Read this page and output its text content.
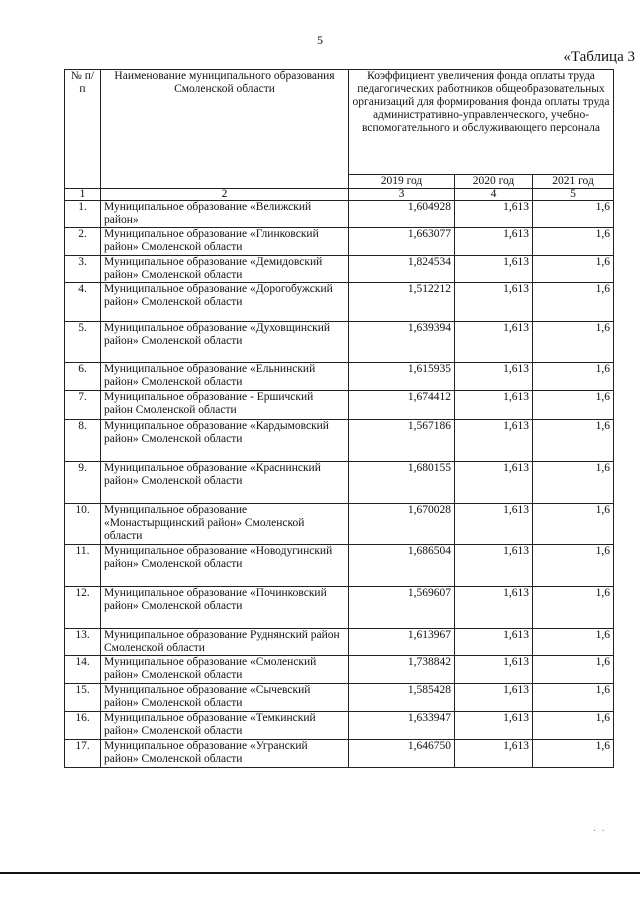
5
«Таблица 3
№ п/п	Наименование муниципального образования Смоленской области	Коэффициент увеличения фонда оплаты труда педагогических работников общеобразовательных организаций для формирования фонда оплаты труда административно-управленческого, учебно-вспомогательного и обслуживающего персонала		
		2019 год	2020 год	2021 год
1	2	3	4	5
1.	Муниципальное образование «Велижский район»	1,604928	1,613	1,6
2.	Муниципальное образование «Глинковский район» Смоленской области	1,663077	1,613	1,6
3.	Муниципальное образование «Демидовский район» Смоленской области	1,824534	1,613	1,6
4.	Муниципальное образование «Дорогобужский район» Смоленской области	1,512212	1,613	1,6
5.	Муниципальное образование «Духовщинский район» Смоленской области	1,639394	1,613	1,6
6.	Муниципальное образование «Ельнинский район» Смоленской области	1,615935	1,613	1,6
7.	Муниципальное образование - Ершичский район Смоленской области	1,674412	1,613	1,6
8.	Муниципальное образование «Кардымовский район» Смоленской области	1,567186	1,613	1,6
9.	Муниципальное образование «Краснинский район» Смоленской области	1,680155	1,613	1,6
10.	Муниципальное образование «Монастырщинский район» Смоленской области	1,670028	1,613	1,6
11.	Муниципальное образование «Новодугинский район» Смоленской области	1,686504	1,613	1,6
12.	Муниципальное образование «Починковский район» Смоленской области	1,569607	1,613	1,6
13.	Муниципальное образование Руднянский район Смоленской области	1,613967	1,613	1,6
14.	Муниципальное образование «Смоленский район» Смоленской области	1,738842	1,613	1,6
15.	Муниципальное образование «Сычевский район» Смоленской области	1,585428	1,613	1,6
16.	Муниципальное образование «Темкинский район» Смоленской области	1,633947	1,613	1,6
17.	Муниципальное образование «Угранский район» Смоленской области	1,646750	1,613	1,6
·  ·
